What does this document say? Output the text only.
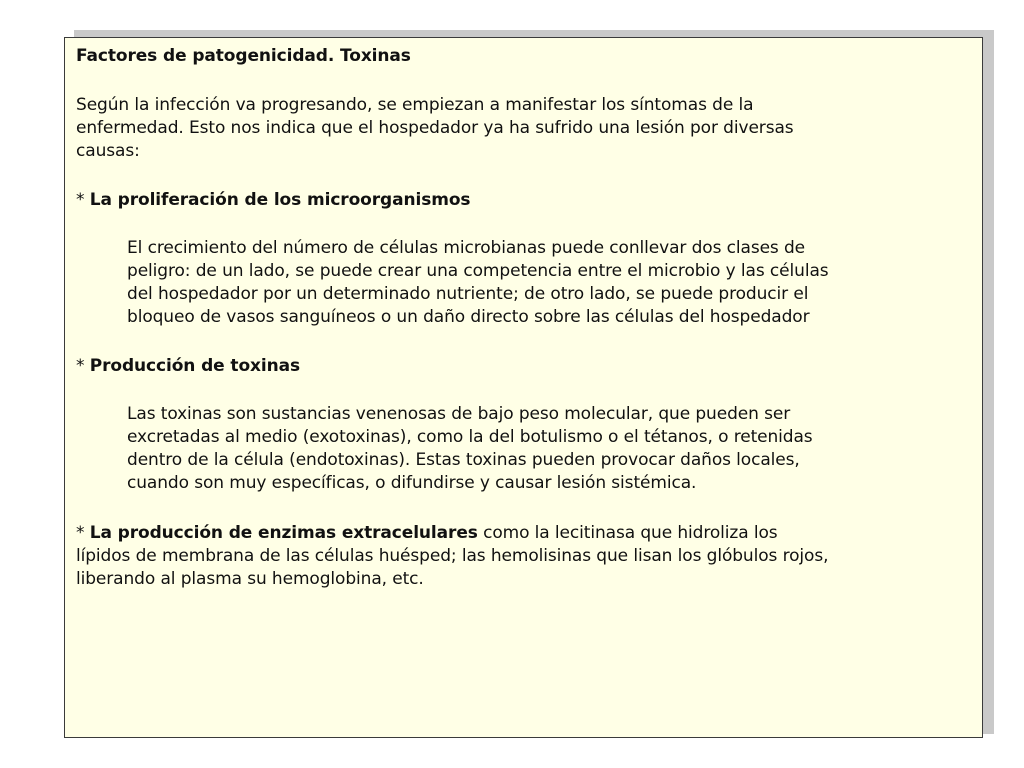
Factores de patogenicidad. Toxinas

Según la infección va progresando, se empiezan a manifestar los síntomas de la
enfermedad. Esto nos indica que el hospedador ya ha sufrido una lesión por diversas
causas:

* La proliferación de los microorganismos

El crecimiento del número de células microbianas puede conllevar dos clases de
peligro: de un lado, se puede crear una competencia entre el microbio y las células
del hospedador por un determinado nutriente; de otro lado, se puede producir el
bloqueo de vasos sanguíneos o un daño directo sobre las células del hospedador

* Producción de toxinas

Las toxinas son sustancias venenosas de bajo peso molecular, que pueden ser
excretadas al medio (exotoxinas), como la del botulismo o el tétanos, o retenidas
dentro de la célula (endotoxinas). Estas toxinas pueden provocar daños locales,
cuando son muy específicas, o difundirse y causar lesión sistémica.

* La producción de enzimas extracelulares como la lecitinasa que hidroliza los
lípidos de membrana de las células huésped; las hemolisinas que lisan los glóbulos rojos,
liberando al plasma su hemoglobina, etc.
